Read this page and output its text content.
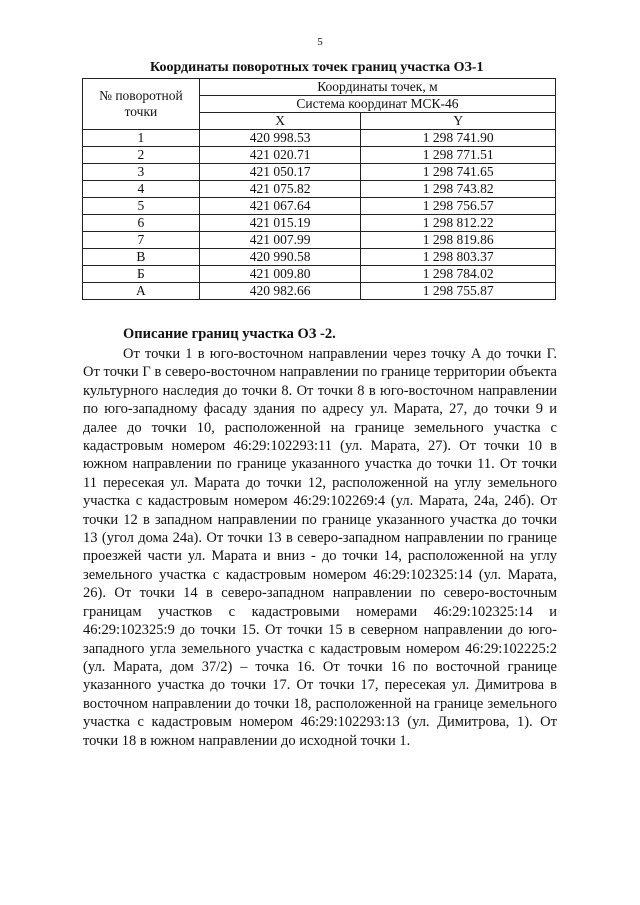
5
Координаты поворотных точек границ участка ОЗ-1
№ поворотной
точки	Координаты точек, м	
	Система координат МСК-46	
	X	Y
1	420 998.53	1 298 741.90
2	421 020.71	1 298 771.51
3	421 050.17	1 298 741.65
4	421 075.82	1 298 743.82
5	421 067.64	1 298 756.57
6	421 015.19	1 298 812.22
7	421 007.99	1 298 819.86
В	420 990.58	1 298 803.37
Б	421 009.80	1 298 784.02
А	420 982.66	1 298 755.87
Описание границ участка ОЗ -2.
От точки 1 в юго-восточном направлении через точку А до точки Г. От точки Г в северо-восточном направлении по границе территории объекта культурного наследия до точки 8. От точки 8 в юго-восточном направлении по юго-западному фасаду здания по адресу ул. Марата, 27, до точки 9 и далее до точки 10, расположенной на границе земельного участка с кадастровым номером 46:29:102293:11 (ул. Марата, 27). От точки 10 в южном направлении по границе указанного участка до точки 11. От точки 11 пересекая ул. Марата до точки 12, расположенной на углу земельного участка с кадастровым номером 46:29:102269:4 (ул. Марата, 24а, 24б). От точки 12 в западном направлении по границе указанного участка до точки 13 (угол дома 24а). От точки 13 в северо-западном направлении по границе проезжей части ул. Марата и вниз - до точки 14, расположенной на углу земельного участка с кадастровым номером 46:29:102325:14 (ул. Марата, 26). От точки 14 в северо-западном направлении по северо-восточным границам участков с кадастровыми номерами 46:29:102325:14 и 46:29:102325:9 до точки 15. От точки 15 в северном направлении до юго-западного угла земельного участка с кадастровым номером 46:29:102225:2 (ул. Марата, дом 37/2) – точка 16. От точки 16 по восточной границе указанного участка до точки 17. От точки 17, пересекая ул. Димитрова в восточном направлении до точки 18, расположенной на границе земельного участка с кадастровым номером 46:29:102293:13 (ул. Димитрова, 1). От точки 18 в южном направлении до исходной точки 1.
